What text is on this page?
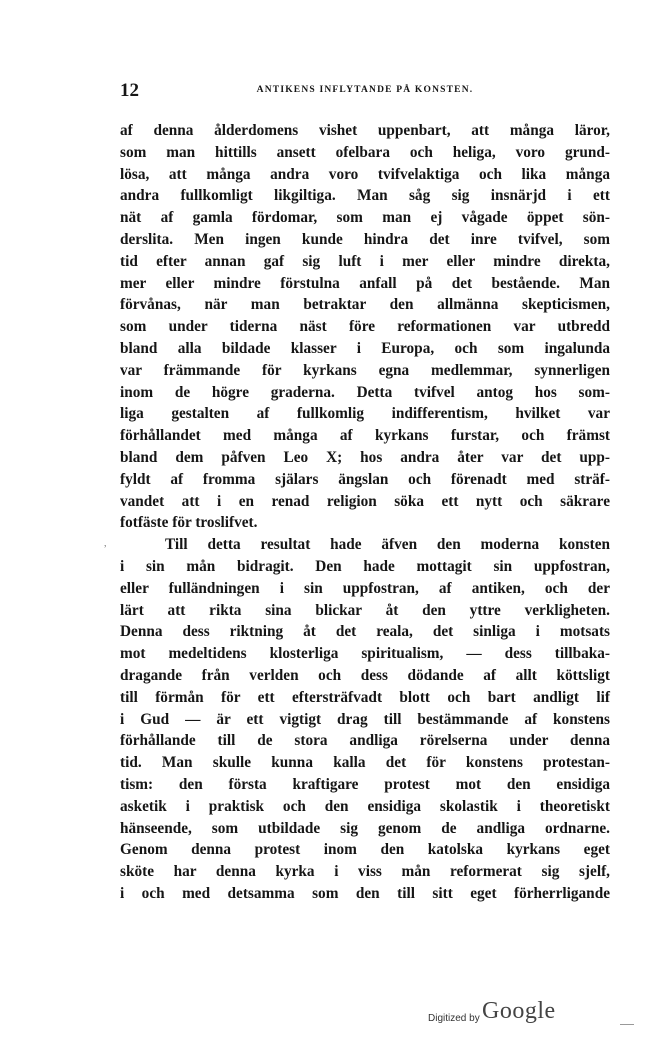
12	ANTIKENS INFLYTANDE PÅ KONSTEN.
af denna ålderdomens vishet uppenbart, att många läror,
som man hittills ansett ofelbara och heliga, voro grund-
lösa, att många andra voro tvifvelaktiga och lika många
andra fullkomligt likgiltiga. Man såg sig insnärjd i ett
nät af gamla fördomar, som man ej vågade öppet sön-
derslita. Men ingen kunde hindra det inre tvifvel, som
tid efter annan gaf sig luft i mer eller mindre direkta,
mer eller mindre förstulna anfall på det bestående. Man
förvånas, när man betraktar den allmänna skepticismen,
som under tiderna näst före reformationen var utbredd
bland alla bildade klasser i Europa, och som ingalunda
var främmande för kyrkans egna medlemmar, synnerligen
inom de högre graderna. Detta tvifvel antog hos som-
liga gestalten af fullkomlig indifferentism, hvilket var
förhållandet med många af kyrkans furstar, och främst
bland dem påfven Leo X; hos andra åter var det upp-
fyldt af fromma själars ängslan och förenadt med sträf-
vandet att i en renad religion söka ett nytt och säkrare
fotfäste för troslifvet.
Till detta resultat hade äfven den moderna konsten
i sin mån bidragit. Den hade mottagit sin uppfostran,
eller fulländningen i sin uppfostran, af antiken, och der
lärt att rikta sina blickar åt den yttre verkligheten.
Denna dess riktning åt det reala, det sinliga i motsats
mot medeltidens klosterliga spiritualism, — dess tillbaka-
dragande från verlden och dess dödande af allt köttsligt
till förmån för ett eftersträfvadt blott och bart andligt lif
i Gud — är ett vigtigt drag till bestämmande af konstens
förhållande till de stora andliga rörelserna under denna
tid. Man skulle kunna kalla det för konstens protestan-
tism: den första kraftigare protest mot den ensidiga
asketik i praktisk och den ensidiga skolastik i theoretiskt
hänseende, som utbildade sig genom de andliga ordnarne.
Genom denna protest inom den katolska kyrkans eget
sköte har denna kyrka i viss mån reformerat sig sjelf,
i och med detsamma som den till sitt eget förherrligande
,
Digitized by Google
